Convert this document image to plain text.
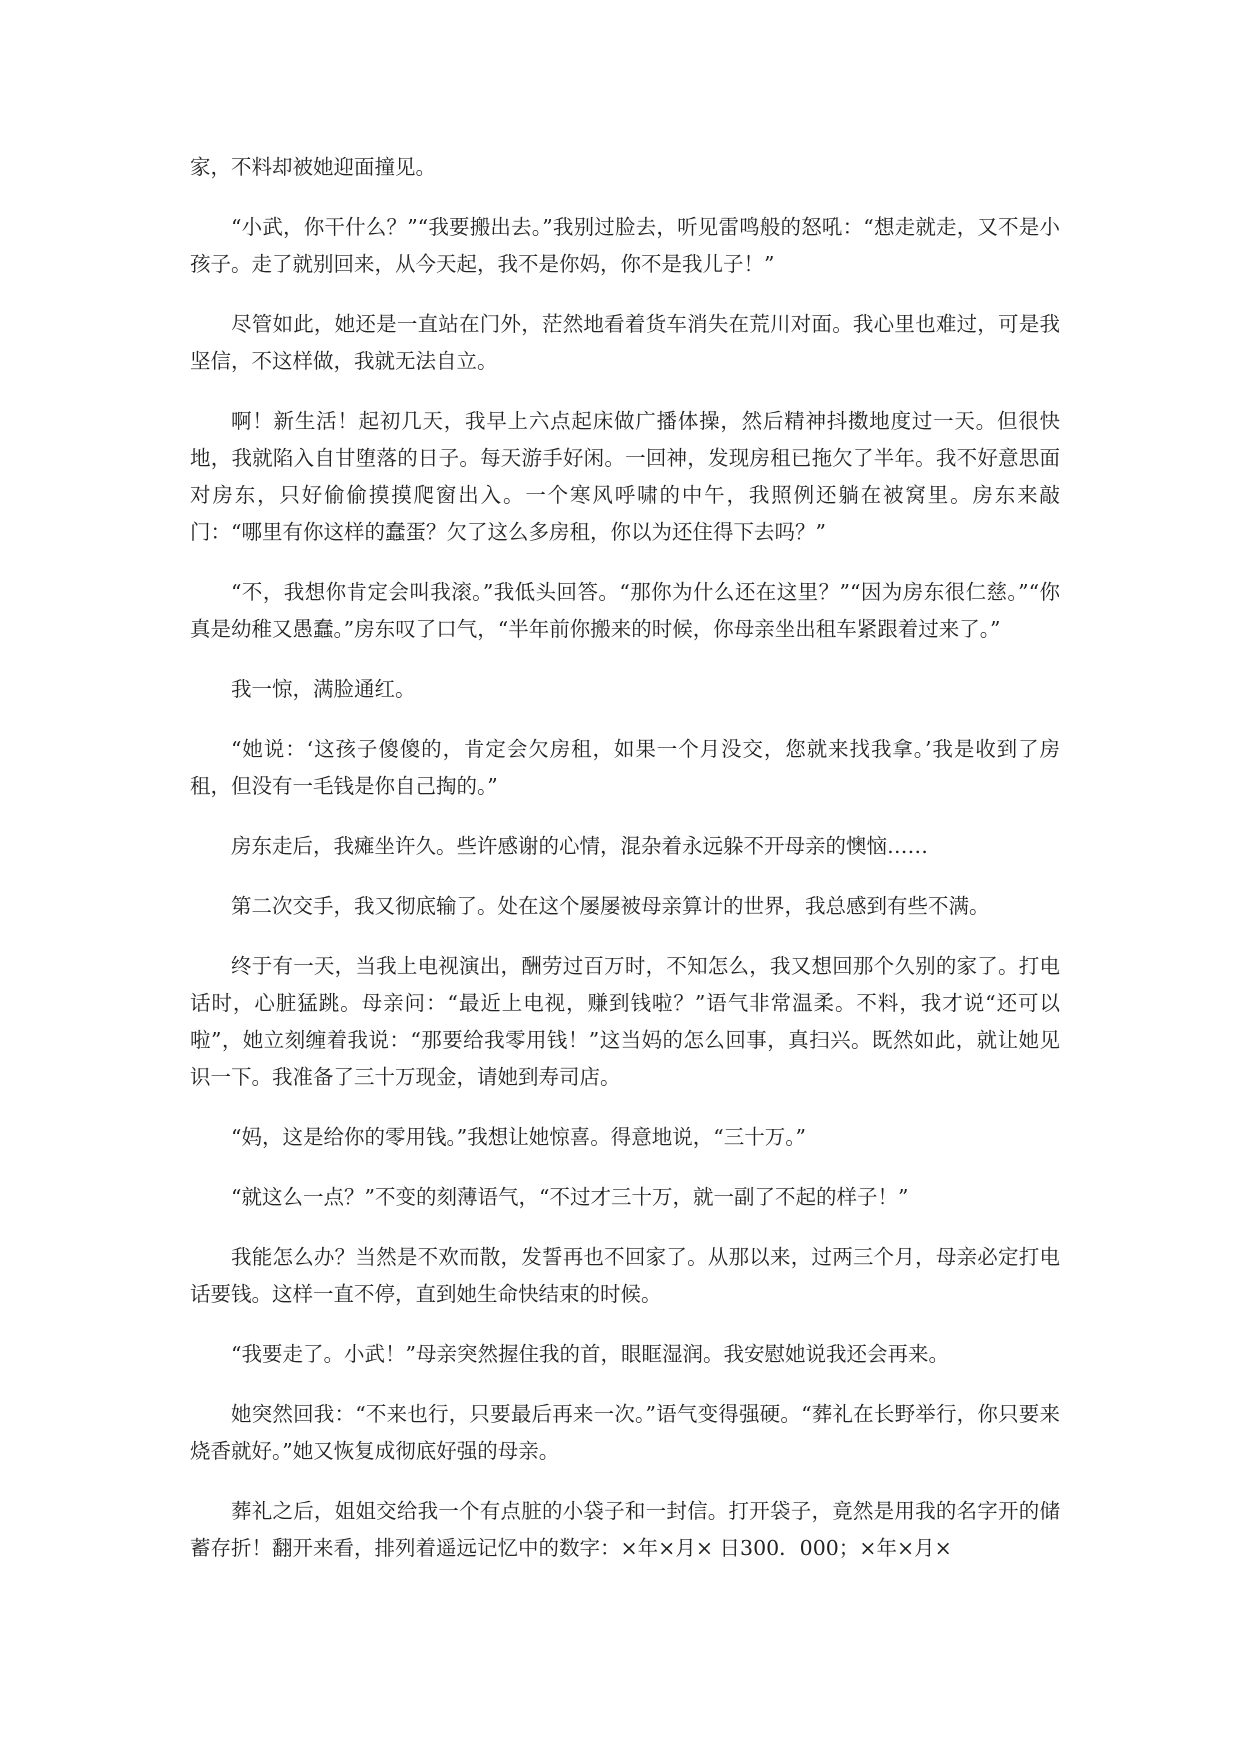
家，不料却被她迎面撞见。

“小武，你干什么？”“我要搬出去。”我别过脸去，听见雷鸣般的怒吼：“想走就走，又不是小孩子。走了就别回来，从今天起，我不是你妈，你不是我儿子！”

尽管如此，她还是一直站在门外，茫然地看着货车消失在荒川对面。我心里也难过，可是我坚信，不这样做，我就无法自立。

啊！新生活！起初几天，我早上六点起床做广播体操，然后精神抖擞地度过一天。但很快地，我就陷入自甘堕落的日子。每天游手好闲。一回神，发现房租已拖欠了半年。我不好意思面对房东，只好偷偷摸摸爬窗出入。一个寒风呼啸的中午，我照例还躺在被窝里。房东来敲门：“哪里有你这样的蠢蛋？欠了这么多房租，你以为还住得下去吗？”

“不，我想你肯定会叫我滚。”我低头回答。“那你为什么还在这里？”“因为房东很仁慈。”“你真是幼稚又愚蠢。”房东叹了口气，“半年前你搬来的时候，你母亲坐出租车紧跟着过来了。”

我一惊，满脸通红。

“她说：‘这孩子傻傻的，肯定会欠房租，如果一个月没交，您就来找我拿。’我是收到了房租，但没有一毛钱是你自己掏的。”

房东走后，我瘫坐许久。些许感谢的心情，混杂着永远躲不开母亲的懊恼……

第二次交手，我又彻底输了。处在这个屡屡被母亲算计的世界，我总感到有些不满。

终于有一天，当我上电视演出，酬劳过百万时，不知怎么，我又想回那个久别的家了。打电话时，心脏猛跳。母亲问：“最近上电视，赚到钱啦？”语气非常温柔。不料，我才说“还可以啦”，她立刻缠着我说：“那要给我零用钱！”这当妈的怎么回事，真扫兴。既然如此，就让她见识一下。我准备了三十万现金，请她到寿司店。

“妈，这是给你的零用钱。”我想让她惊喜。得意地说，“三十万。”

“就这么一点？”不变的刻薄语气，“不过才三十万，就一副了不起的样子！”

我能怎么办？当然是不欢而散，发誓再也不回家了。从那以来，过两三个月，母亲必定打电话要钱。这样一直不停，直到她生命快结束的时候。

“我要走了。小武！”母亲突然握住我的首，眼眶湿润。我安慰她说我还会再来。

她突然回我：“不来也行，只要最后再来一次。”语气变得强硬。“葬礼在长野举行，你只要来烧香就好。”她又恢复成彻底好强的母亲。

葬礼之后，姐姐交给我一个有点脏的小袋子和一封信。打开袋子，竟然是用我的名字开的储蓄存折！翻开来看，排列着遥远记忆中的数字：×年×月× 日300．000；×年×月×
